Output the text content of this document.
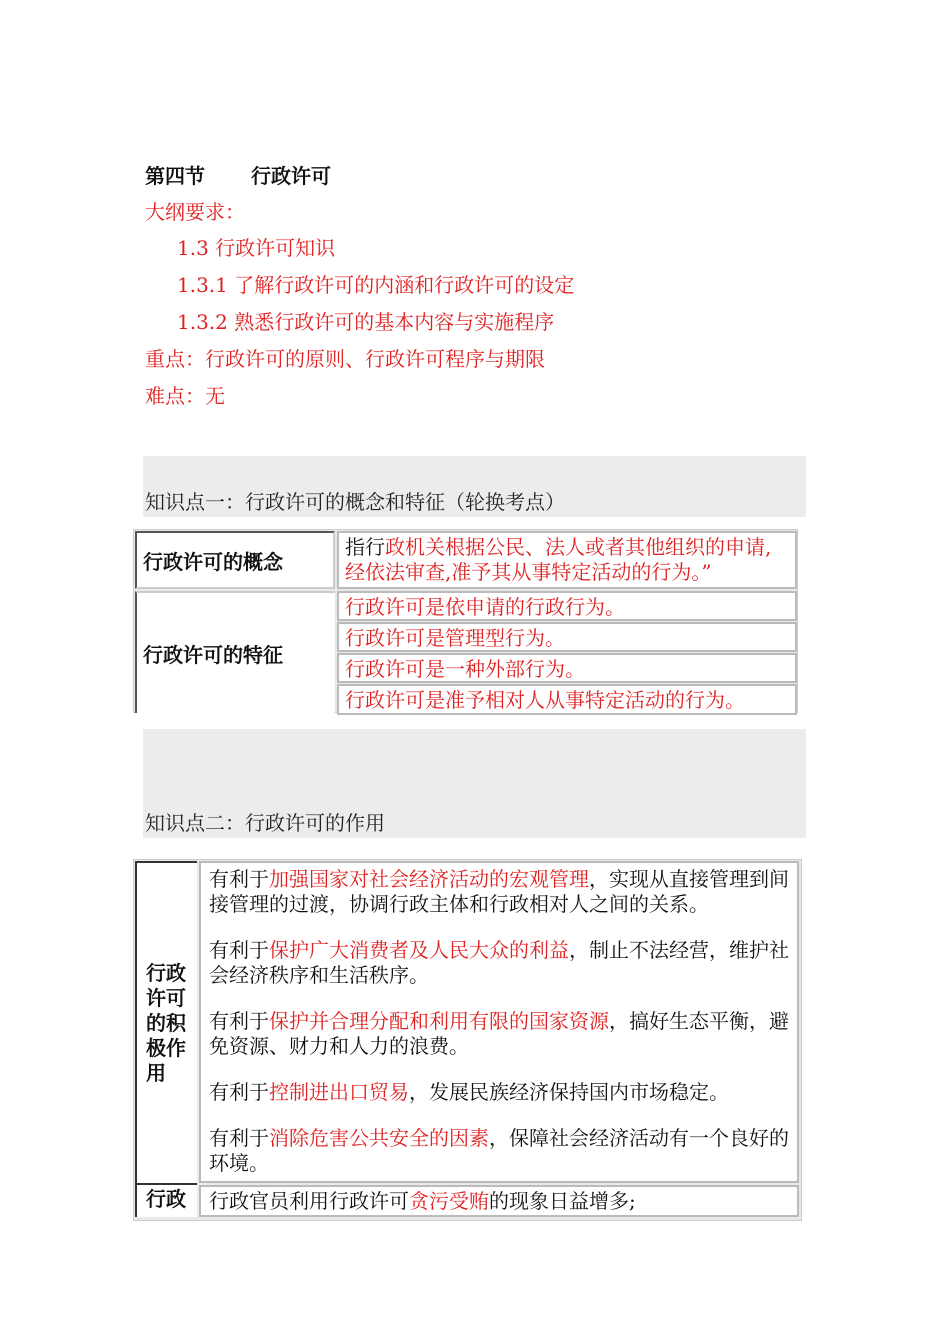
第四节 行政许可
大纲要求：
1.3 行政许可知识
1.3.1 了解行政许可的内涵和行政许可的设定
1.3.2 熟悉行政许可的基本内容与实施程序
重点：行政许可的原则、行政许可程序与期限
难点：无
知识点一：行政许可的概念和特征（轮换考点）
行政许可的概念
行政许可的特征
指行政机关根据公民、法人或者其他组织的申请,经依法审查,准予其从事特定活动的行为。”
行政许可是依申请的行政行为。
行政许可是管理型行为。
行政许可是一种外部行为。
行政许可是准予相对人从事特定活动的行为。
知识点二：行政许可的作用
行政许可的积极作用

有利于加强国家对社会经济活动的宏观管理，实现从直接管理到间接管理的过渡，协调行政主体和行政相对人之间的关系。

有利于保护广大消费者及人民大众的利益，制止不法经营，维护社会经济秩序和生活秩序。

有利于保护并合理分配和利用有限的国家资源，搞好生态平衡，避免资源、财力和人力的浪费。

有利于控制进出口贸易，发展民族经济保持国内市场稳定。

有利于消除危害公共安全的因素，保障社会经济活动有一个良好的环境。

行政	行政官员利用行政许可贪污受贿的现象日益增多;
